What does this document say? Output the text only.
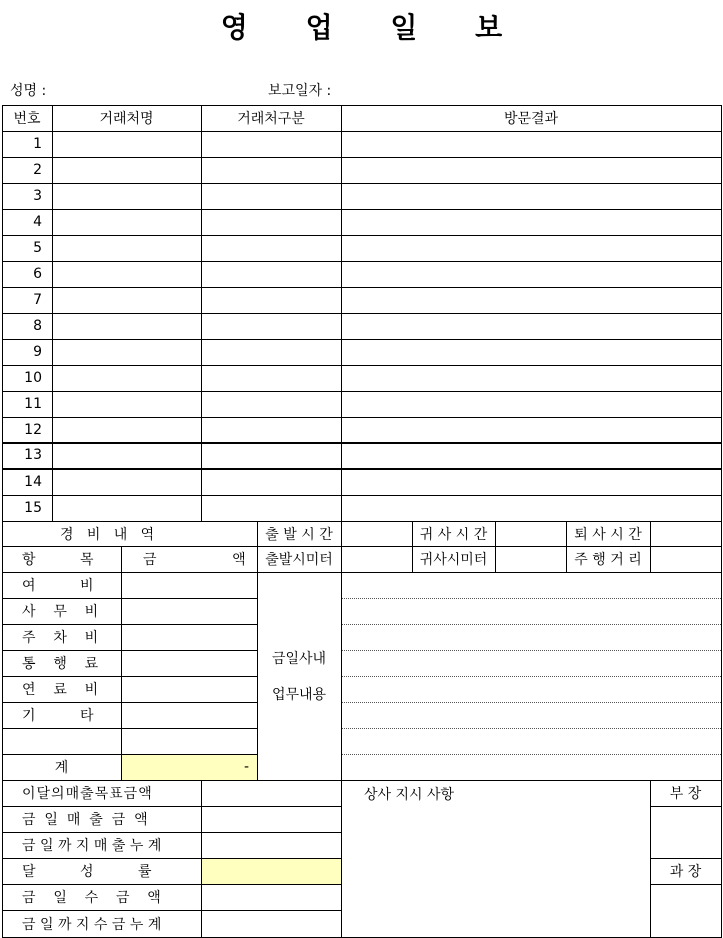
영 업 일 보
성명 :	보고일자 :
번호	거래처명	거래처구분	방문결과
1
2
3
4
5
6
7
8
9
10
11
12
13
14
15
경   비   내   역
항          목	금                 액
여          비
사    무    비
주    차    비
통    행    료
연    료    비
기          타
계	-
출 발 시 간	귀 사 시 간	퇴 사 시 간
출발시미터	귀사시미터	주 행 거 리
금일사내
업무내용
이달의매출목표금액
금  일  매  출  금  액
금 일 까 지 매 출 누 계
달          성          률
금    일    수    금    액
금 일 까 지 수 금 누 계
상사 지시 사항	부 장
과 장
